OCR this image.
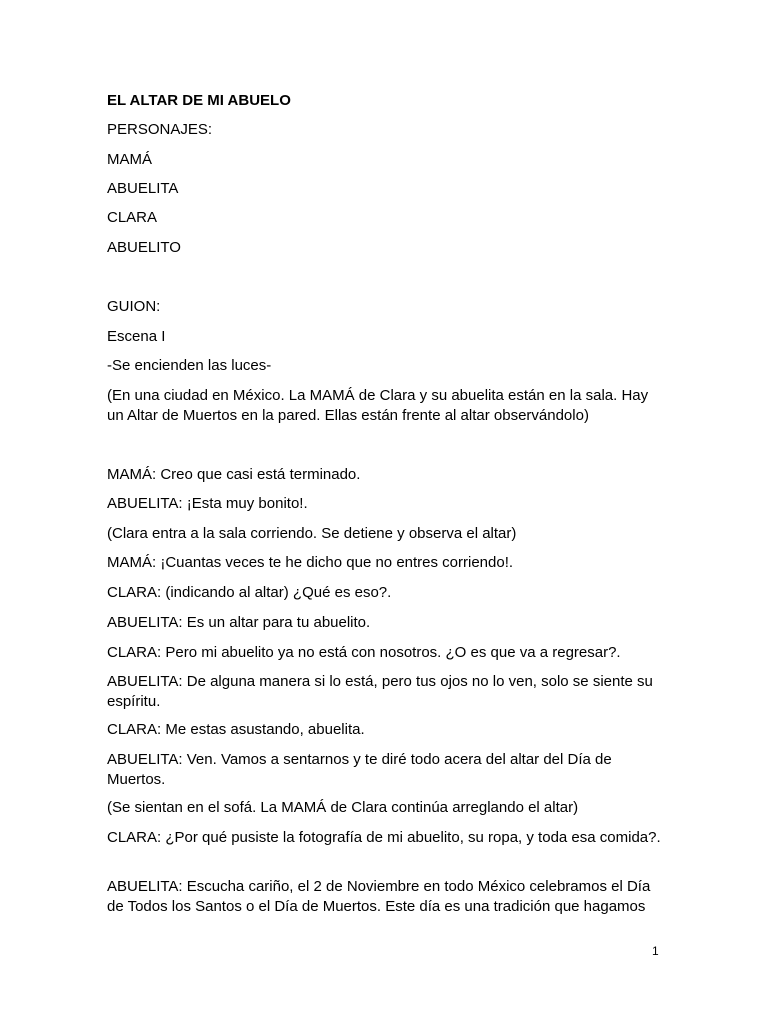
EL ALTAR DE MI ABUELO
PERSONAJES:
MAMÁ
ABUELITA
CLARA
ABUELITO
GUION:
Escena I
-Se encienden las luces-
(En una ciudad en México. La MAMÁ de Clara y su abuelita están en la sala. Hay un Altar de Muertos en la pared. Ellas están frente al altar observándolo)
MAMÁ: Creo que casi está terminado.
ABUELITA: ¡Esta muy bonito!.
(Clara entra a la sala corriendo. Se detiene y observa el altar)
MAMÁ: ¡Cuantas veces te he dicho que no entres corriendo!.
CLARA: (indicando al altar) ¿Qué es eso?.
ABUELITA: Es un altar para tu abuelito.
CLARA: Pero mi abuelito ya no está con nosotros. ¿O es que va a regresar?.
ABUELITA: De alguna manera si lo está, pero tus ojos no lo ven, solo se siente su espíritu.
CLARA: Me estas asustando, abuelita.
ABUELITA: Ven. Vamos a sentarnos y te diré todo acera del altar del Día de Muertos.
(Se sientan en el sofá. La MAMÁ de Clara continúa arreglando el altar)
CLARA: ¿Por qué pusiste la fotografía de mi abuelito, su ropa, y toda esa comida?.
ABUELITA: Escucha cariño, el 2 de Noviembre en todo México celebramos el Día de Todos los Santos o el Día de Muertos. Este día es una tradición que hagamos
1
